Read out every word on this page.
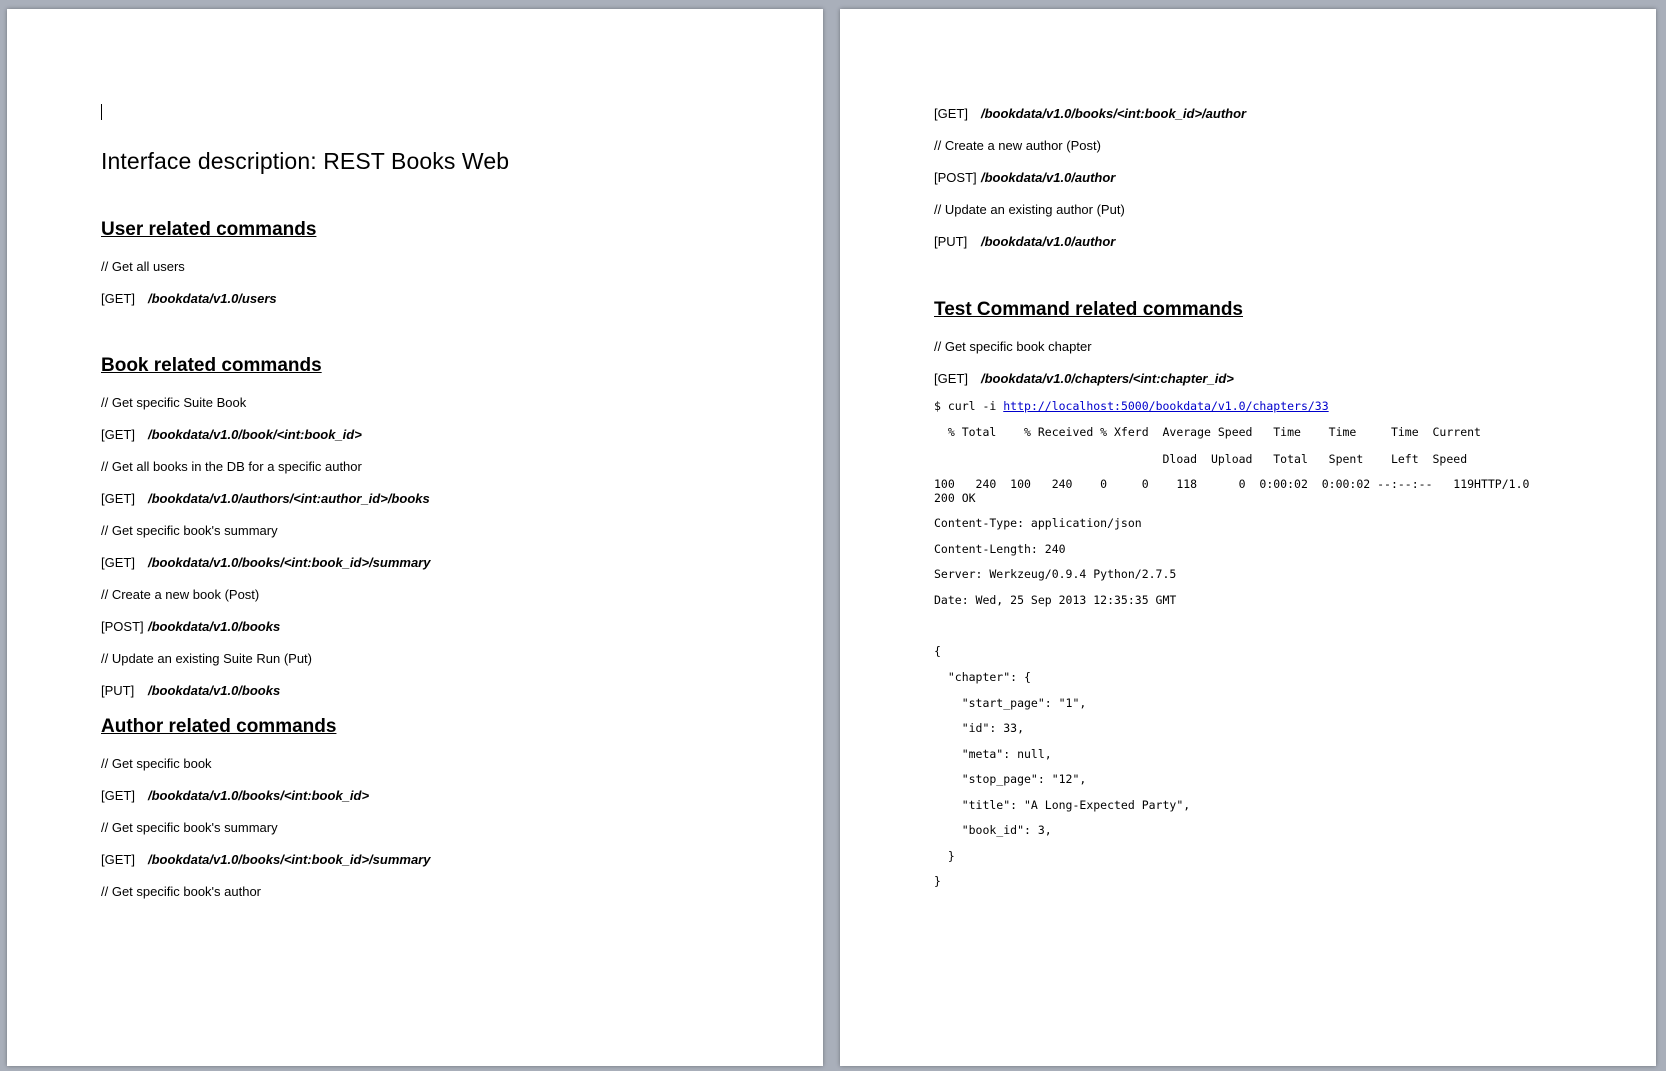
Interface description: REST Books Web
User related commands
// Get all users
[GET] /bookdata/v1.0/users
Book related commands
// Get specific Suite Book
[GET] /bookdata/v1.0/book/<int:book_id>
// Get all books in the DB for a specific author
[GET] /bookdata/v1.0/authors/<int:author_id>/books
// Get specific book's summary
[GET] /bookdata/v1.0/books/<int:book_id>/summary
// Create a new book (Post)
[POST] /bookdata/v1.0/books
// Update an existing Suite Run (Put)
[PUT] /bookdata/v1.0/books
Author related commands
// Get specific book
[GET] /bookdata/v1.0/books/<int:book_id>
// Get specific book's summary
[GET] /bookdata/v1.0/books/<int:book_id>/summary
// Get specific book's author
[GET] /bookdata/v1.0/books/<int:book_id>/author
// Create a new author (Post)
[POST] /bookdata/v1.0/author
// Update an existing author (Put)
[PUT] /bookdata/v1.0/author
Test Command related commands
// Get specific book chapter
[GET] /bookdata/v1.0/chapters/<int:chapter_id>
$ curl -i http://localhost:5000/bookdata/v1.0/chapters/33
% Total    % Received % Xferd  Average Speed   Time    Time     Time  Current
Dload  Upload   Total   Spent    Left  Speed
100   240  100   240    0     0    118      0  0:00:02  0:00:02 --:--:--   119HTTP/1.0
200 OK
Content-Type: application/json
Content-Length: 240
Server: Werkzeug/0.9.4 Python/2.7.5
Date: Wed, 25 Sep 2013 12:35:35 GMT
{
"chapter": {
"start_page": "1",
"id": 33,
"meta": null,
"stop_page": "12",
"title": "A Long-Expected Party",
"book_id": 3,
}
}
